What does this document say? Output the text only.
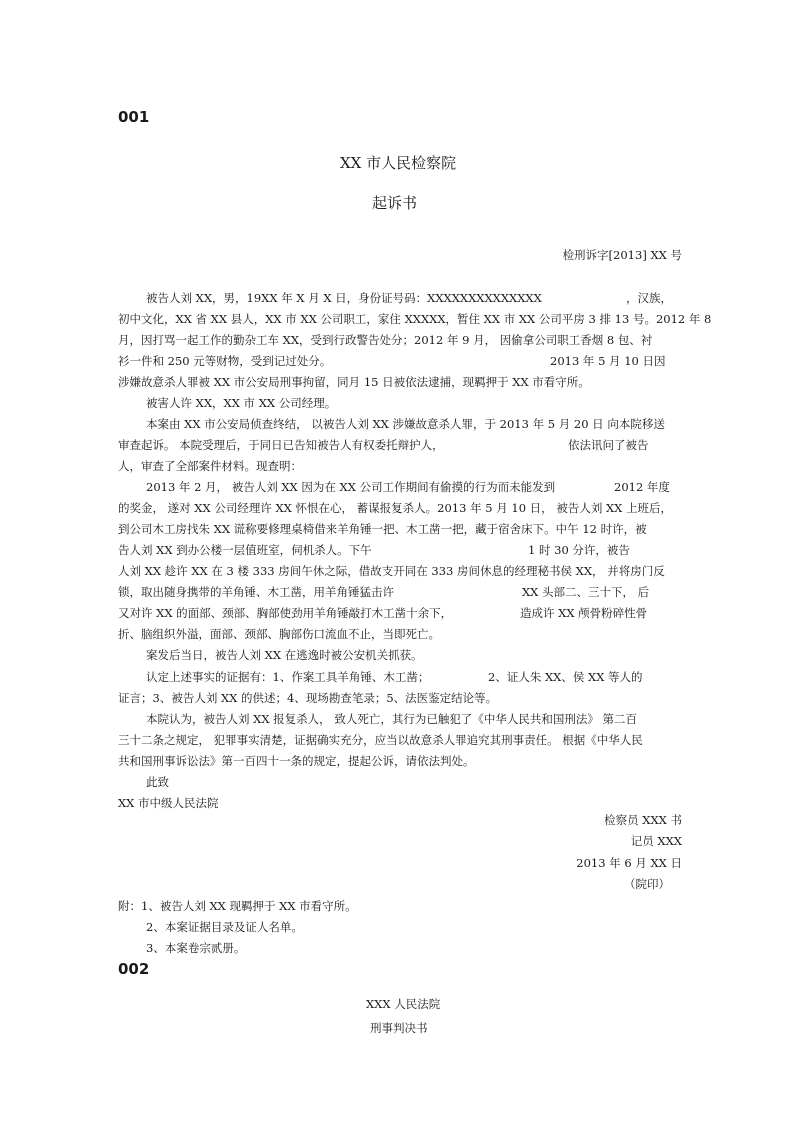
001
XX 市人民检察院
起诉书
检刑诉字[2013] XX 号
被告人刘 XX，男，19XX 年 X 月 X 日，身份证号码：XXXXXXXXXXXXXX	，汉族，
初中文化，XX 省 XX 县人，XX 市 XX 公司职工，家住 XXXXX，暂住 XX 市 XX 公司平房 3 排 13 号。2012 年 8
月，因打骂一起工作的勤杂工车 XX，受到行政警告处分；2012 年 9 月， 因偷拿公司职工香烟 8 包、衬
衫一件和 250 元等财物，受到记过处分。	2013 年 5 月 10 日因
涉嫌故意杀人罪被 XX 市公安局刑事拘留，同月 15 日被依法逮捕，现羁押于 XX 市看守所。
被害人许 XX，XX 市 XX 公司经理。
本案由 XX 市公安局侦查终结， 以被告人刘 XX 涉嫌故意杀人罪，于 2013 年 5 月 20 日 向本院移送
审查起诉。 本院受理后，于同日已告知被告人有权委托辩护人，	依法讯问了被告
人，审查了全部案件材料。现查明：
2013 年 2 月， 被告人刘 XX 因为在 XX 公司工作期间有偷摸的行为而未能发到	2012 年度
的奖金， 遂对 XX 公司经理许 XX 怀恨在心， 蓄谋报复杀人。2013 年 5 月 10 日， 被告人刘 XX 上班后，
到公司木工房找朱 XX 谎称要修理桌椅借来羊角锤一把、木工凿一把，藏于宿舍床下。中午 12 时许，被
告人刘 XX 到办公楼一层值班室，伺机杀人。下午	1 时 30 分许，被告
人刘 XX 趁许 XX 在 3 楼 333 房间午休之际，借故支开同在 333 房间休息的经理秘书侯 XX， 并将房门反
锁，取出随身携带的羊角锤、木工凿，用羊角锤猛击许	XX 头部二、三十下， 后
又对许 XX 的面部、颈部、胸部使劲用羊角锤敲打木工凿十余下，	造成许 XX 颅骨粉碎性骨
折、脑组织外溢，面部、颈部、胸部伤口流血不止，当即死亡。
案发后当日，被告人刘 XX 在逃逸时被公安机关抓获。
认定上述事实的证据有：1、作案工具羊角锤、木工凿；	2、证人朱 XX、侯 XX 等人的
证言；3、被告人刘 XX 的供述；4、现场勘查笔录；5、法医鉴定结论等。
本院认为，被告人刘 XX 报复杀人， 致人死亡，其行为已触犯了《中华人民共和国刑法》 第二百
三十二条之规定， 犯罪事实清楚，证据确实充分，应当以故意杀人罪追究其刑事责任。 根据《中华人民
共和国刑事诉讼法》第一百四十一条的规定，提起公诉，请依法判处。
此致
XX 市中级人民法院
检察员 XXX 书
记员 XXX
2013 年 6 月 XX 日
（院印）
附：1、被告人刘 XX 现羁押于 XX 市看守所。
2、本案证据目录及证人名单。
3、本案卷宗贰册。
002
XXX 人民法院
刑事判决书
